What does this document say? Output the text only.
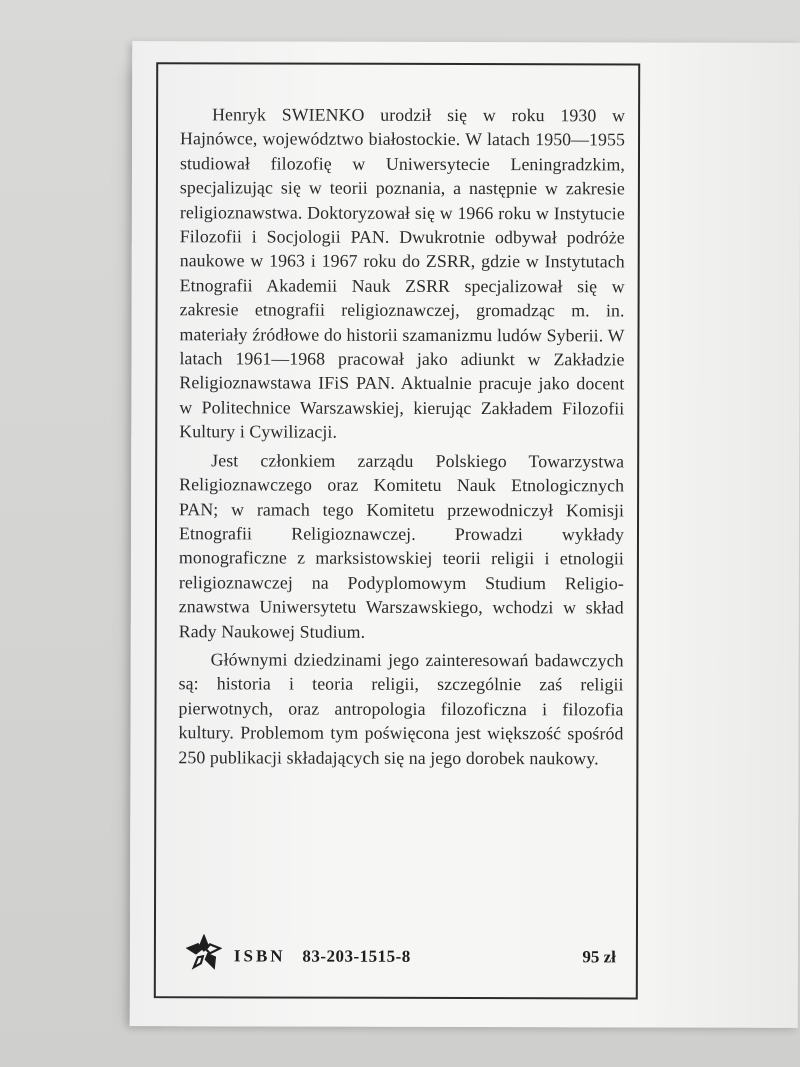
Henryk SWIENKO urodził się w roku 1930 w Hajnówce, województwo białostockie. W latach 1950—1955 studiował filozofię w Uniwersytecie Leningradzkim, specjalizując się w teorii poznania, a następnie w zakresie religioznawstwa. Doktoryzował się w 1966 roku w Instytucie Filozofii i Socjologii PAN. Dwukrotnie odbywał podróże naukowe w 1963 i 1967 roku do ZSRR, gdzie w Instytutach Etnografii Akademii Nauk ZSRR specjalizował się w zakresie etnografii religioznawczej, gromadząc m. in. materiały źródłowe do historii szamanizmu ludów Syberii. W latach 1961—1968 pracował jako adiunkt w Zakładzie Religioznawstawa IFiS PAN. Aktualnie pracuje jako docent w Politechnice Warszawskiej, kierując Zakładem Filozofii Kultury i Cywilizacji.

Jest członkiem zarządu Polskiego Towarzystwa Religioznawczego oraz Komitetu Nauk Etnologicznych PAN; w ramach tego Komitetu przewodniczył Komisji Etnografii Religioznawczej. Prowadzi wykłady monograficzne z marksistowskiej teorii religii i etnologii religioznawczej na Podyplomowym Studium Religioznawstwa Uniwersytetu Warszawskiego, wchodzi w skład Rady Naukowej Studium.

Głównymi dziedzinami jego zainteresowań badawczych są: historia i teoria religii, szczególnie zaś religii pierwotnych, oraz antropologia filozoficzna i filozofia kultury. Problemom tym poświęcona jest większość spośród 250 publikacji składających się na jego dorobek naukowy.

ISBN 83-203-1515-8	95 zł
